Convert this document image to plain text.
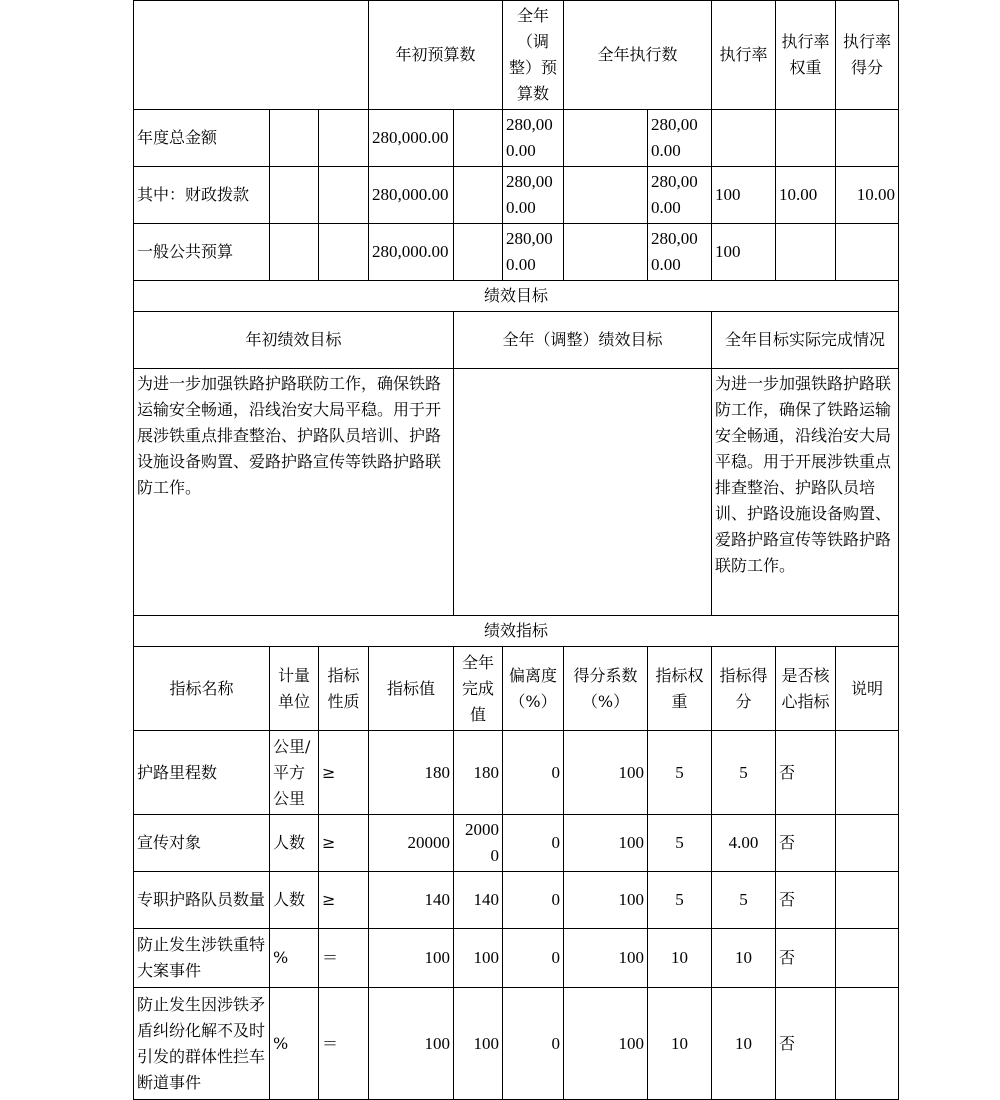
			年初预算数		全年（调整）预算数	全年执行数		执行率	执行率权重	执行率得分
年度总金额			280,000.00		280,000.00		280,000.00			
其中：财政拨款			280,000.00		280,000.00		280,000.00	100	10.00	10.00
一般公共预算			280,000.00		280,000.00		280,000.00	100		
绩效目标										
年初绩效目标				全年（调整）绩效目标				全年目标实际完成情况		
为进一步加强铁路护路联防工作，确保铁路运输安全畅通，沿线治安大局平稳。用于开展涉铁重点排查整治、护路队员培训、护路设施设备购置、爱路护路宣传等铁路护路联防工作。								为进一步加强铁路护路联防工作，确保了铁路运输安全畅通，沿线治安大局平稳。用于开展涉铁重点排查整治、护路队员培训、护路设施设备购置、爱路护路宣传等铁路护路联防工作。		
绩效指标										
指标名称	计量单位	指标性质	指标值	全年完成值	偏离度（%）	得分系数（%）	指标权重	指标得分	是否核心指标	说明
护路里程数	公里/平方公里	≥	180	180	0	100	5	5	否	
宣传对象	人数	≥	20000	20000	0	100	5	4.00	否	
专职护路队员数量	人数	≥	140	140	0	100	5	5	否	
防止发生涉铁重特大案事件	%	＝	100	100	0	100	10	10	否	
防止发生因涉铁矛盾纠纷化解不及时引发的群体性拦车断道事件	%	＝	100	100	0	100	10	10	否	
